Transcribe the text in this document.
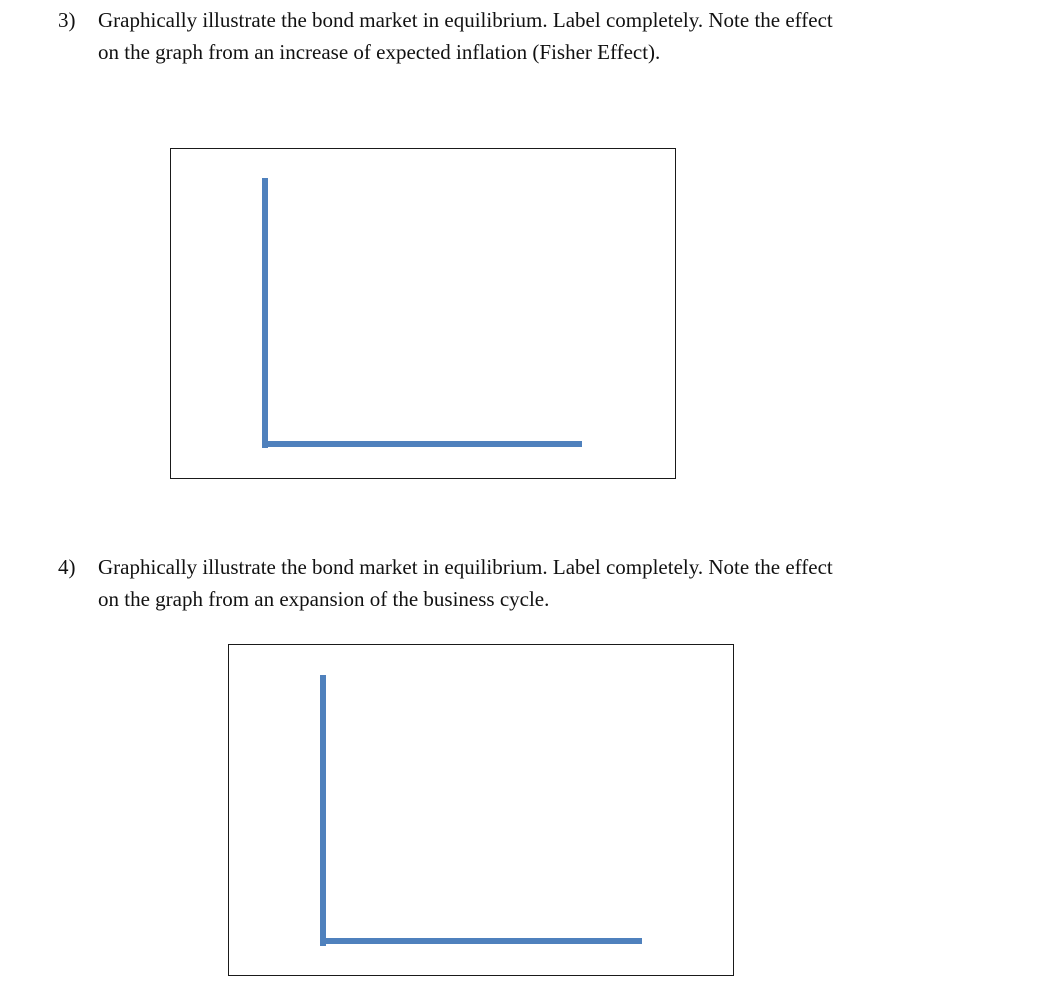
3) Graphically illustrate the bond market in equilibrium. Label completely. Note the effect
on the graph from an increase of expected inflation (Fisher Effect).
4) Graphically illustrate the bond market in equilibrium. Label completely. Note the effect
on the graph from an expansion of the business cycle.
